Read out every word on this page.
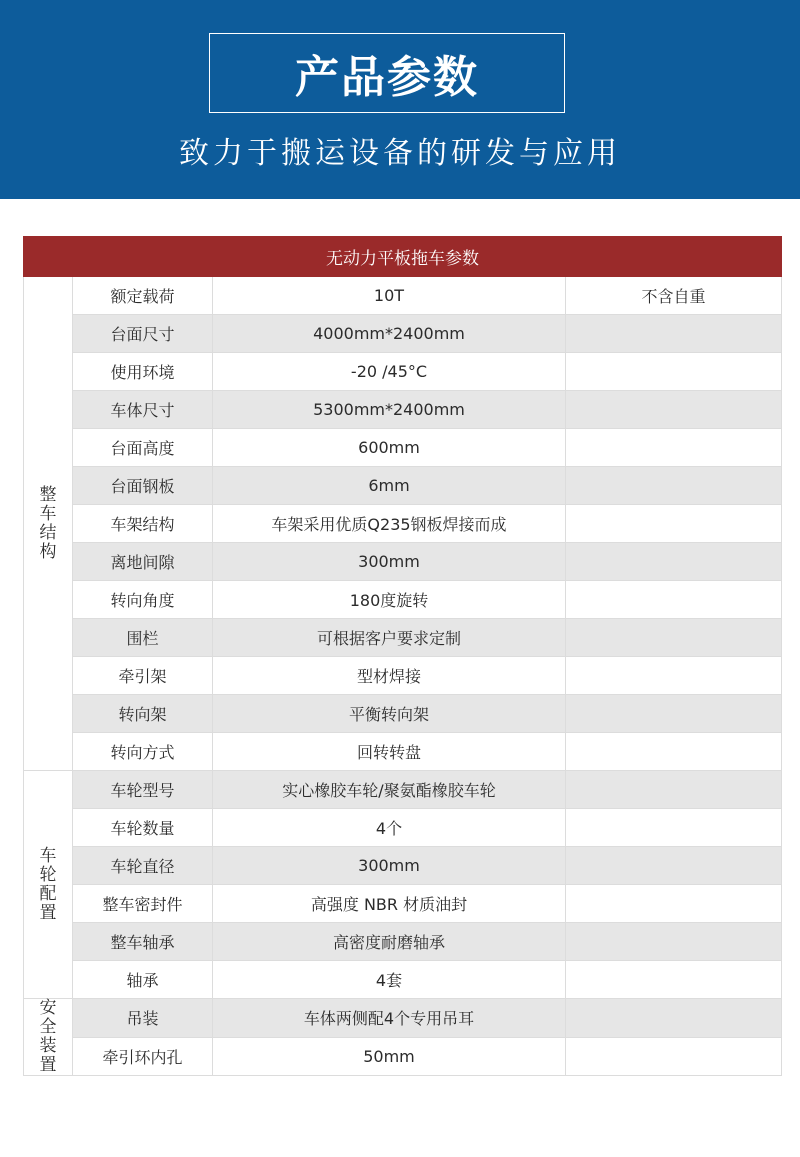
产品参数
致力于搬运设备的研发与应用
无动力平板拖车参数			
整车结构	额定载荷	10T	不含自重
	台面尺寸	4000mm*2400mm	
	使用环境	-20 /45°C	
	车体尺寸	5300mm*2400mm	
	台面高度	600mm	
	台面钢板	6mm	
	车架结构	车架采用优质Q235钢板焊接而成	
	离地间隙	300mm	
	转向角度	180度旋转	
	围栏	可根据客户要求定制	
	牵引架	型材焊接	
	转向架	平衡转向架	
	转向方式	回转转盘	
车轮配置	车轮型号	实心橡胶车轮/聚氨酯橡胶车轮	
	车轮数量	4个	
	车轮直径	300mm	
	整车密封件	高强度 NBR 材质油封	
	整车轴承	高密度耐磨轴承	
	轴承	4套	
安全装置	吊装	车体两侧配4个专用吊耳	
	牵引环内孔	50mm	
